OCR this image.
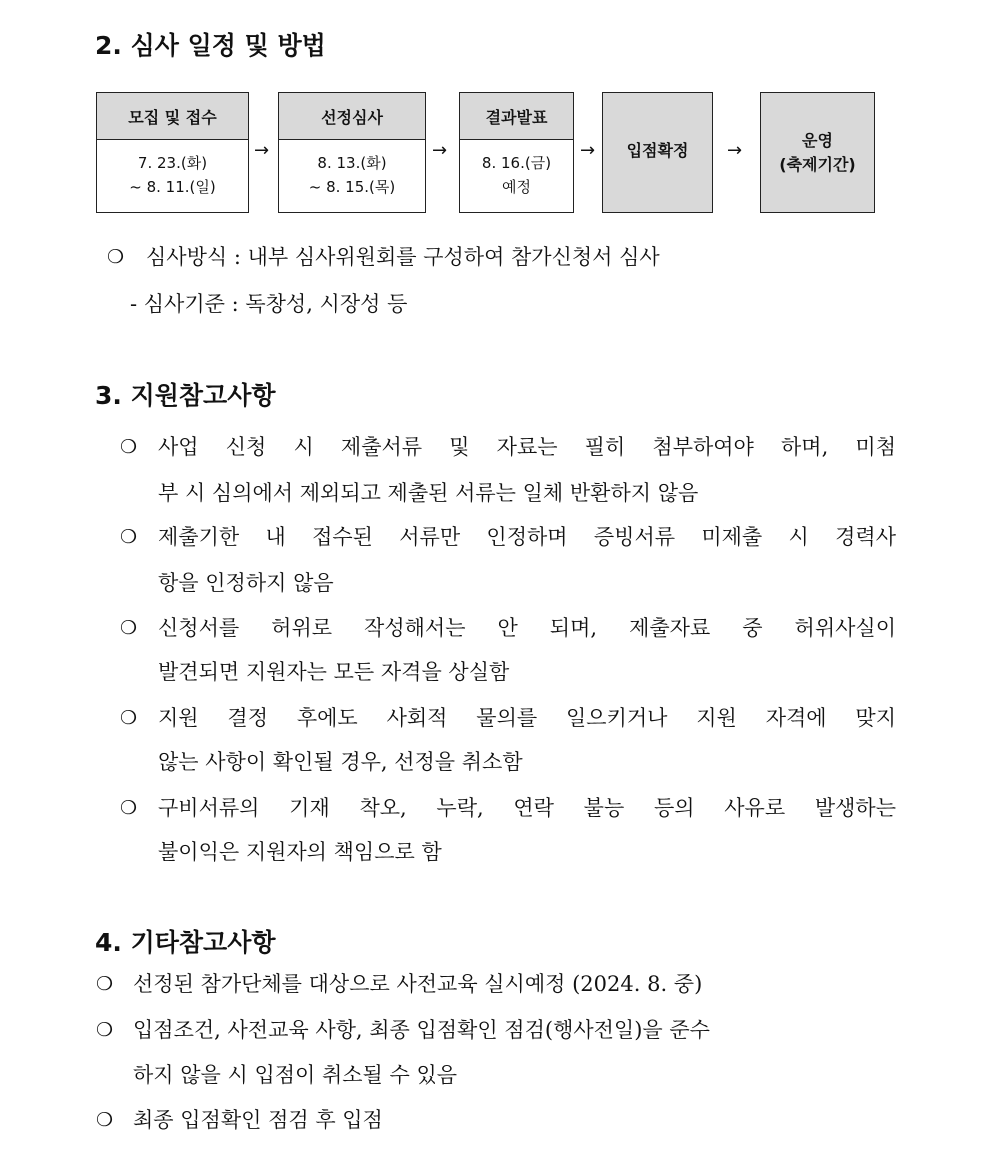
2. 심사 일정 및 방법
모집 및 접수
7. 23.(화)
~ 8. 11.(일)
→
선정심사
8. 13.(화)
~ 8. 15.(목)
→
결과발표
8. 16.(금)
예정
→ 입점확정 →	운영
(축제기간)
❍ 심사방식 : 내부 심사위원회를 구성하여 참가신청서 심사
- 심사기준 : 독창성, 시장성 등
3. 지원참고사항
❍ 사업 신청 시 제출서류 및 자료는 필히 첨부하여야 하며, 미첨
부 시 심의에서 제외되고 제출된 서류는 일체 반환하지 않음
❍ 제출기한 내 접수된 서류만 인정하며 증빙서류 미제출 시 경력사
항을 인정하지 않음
❍ 신청서를 허위로 작성해서는 안 되며, 제출자료 중 허위사실이
발견되면 지원자는 모든 자격을 상실함
❍ 지원 결정 후에도 사회적 물의를 일으키거나 지원 자격에 맞지
않는 사항이 확인될 경우, 선정을 취소함
❍ 구비서류의 기재 착오, 누락, 연락 불능 등의 사유로 발생하는
불이익은 지원자의 책임으로 함
4. 기타참고사항
❍ 선정된 참가단체를 대상으로 사전교육 실시예정 (2024. 8. 중)
❍ 입점조건, 사전교육 사항, 최종 입점확인 점검(행사전일)을 준수
하지 않을 시 입점이 취소될 수 있음
❍ 최종 입점확인 점검 후 입점
